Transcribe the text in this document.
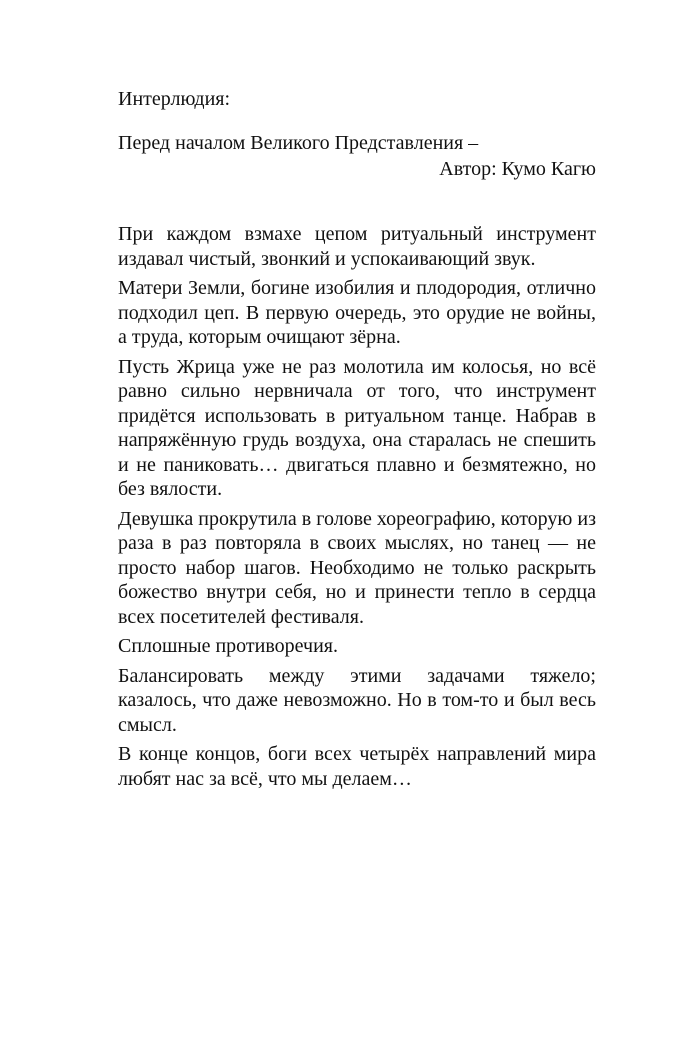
Интерлюдия:

Перед началом Великого Представления –

Автор: Кумо Кагю

При каждом взмахе цепом ритуальный инструмент издавал чистый, звонкий и успокаивающий звук.

Матери Земли, богине изобилия и плодородия, отлично подходил цеп. В первую очередь, это орудие не войны, а труда, которым очищают зёрна.

Пусть Жрица уже не раз молотила им колосья, но всё равно сильно нервничала от того, что инструмент придётся использовать в ритуальном танце. Набрав в напряжённую грудь воздуха, она старалась не спешить и не паниковать… двигаться плавно и безмятежно, но без вялости.

Девушка прокрутила в голове хореографию, которую из раза в раз повторяла в своих мыслях, но танец — не просто набор шагов. Необходимо не только раскрыть божество внутри себя, но и принести тепло в сердца всех посетителей фестиваля.

Сплошные противоречия.

Балансировать между этими задачами тяжело; казалось, что даже невозможно. Но в том-то и был весь смысл.

В конце концов, боги всех четырёх направлений мира любят нас за всё, что мы делаем…
